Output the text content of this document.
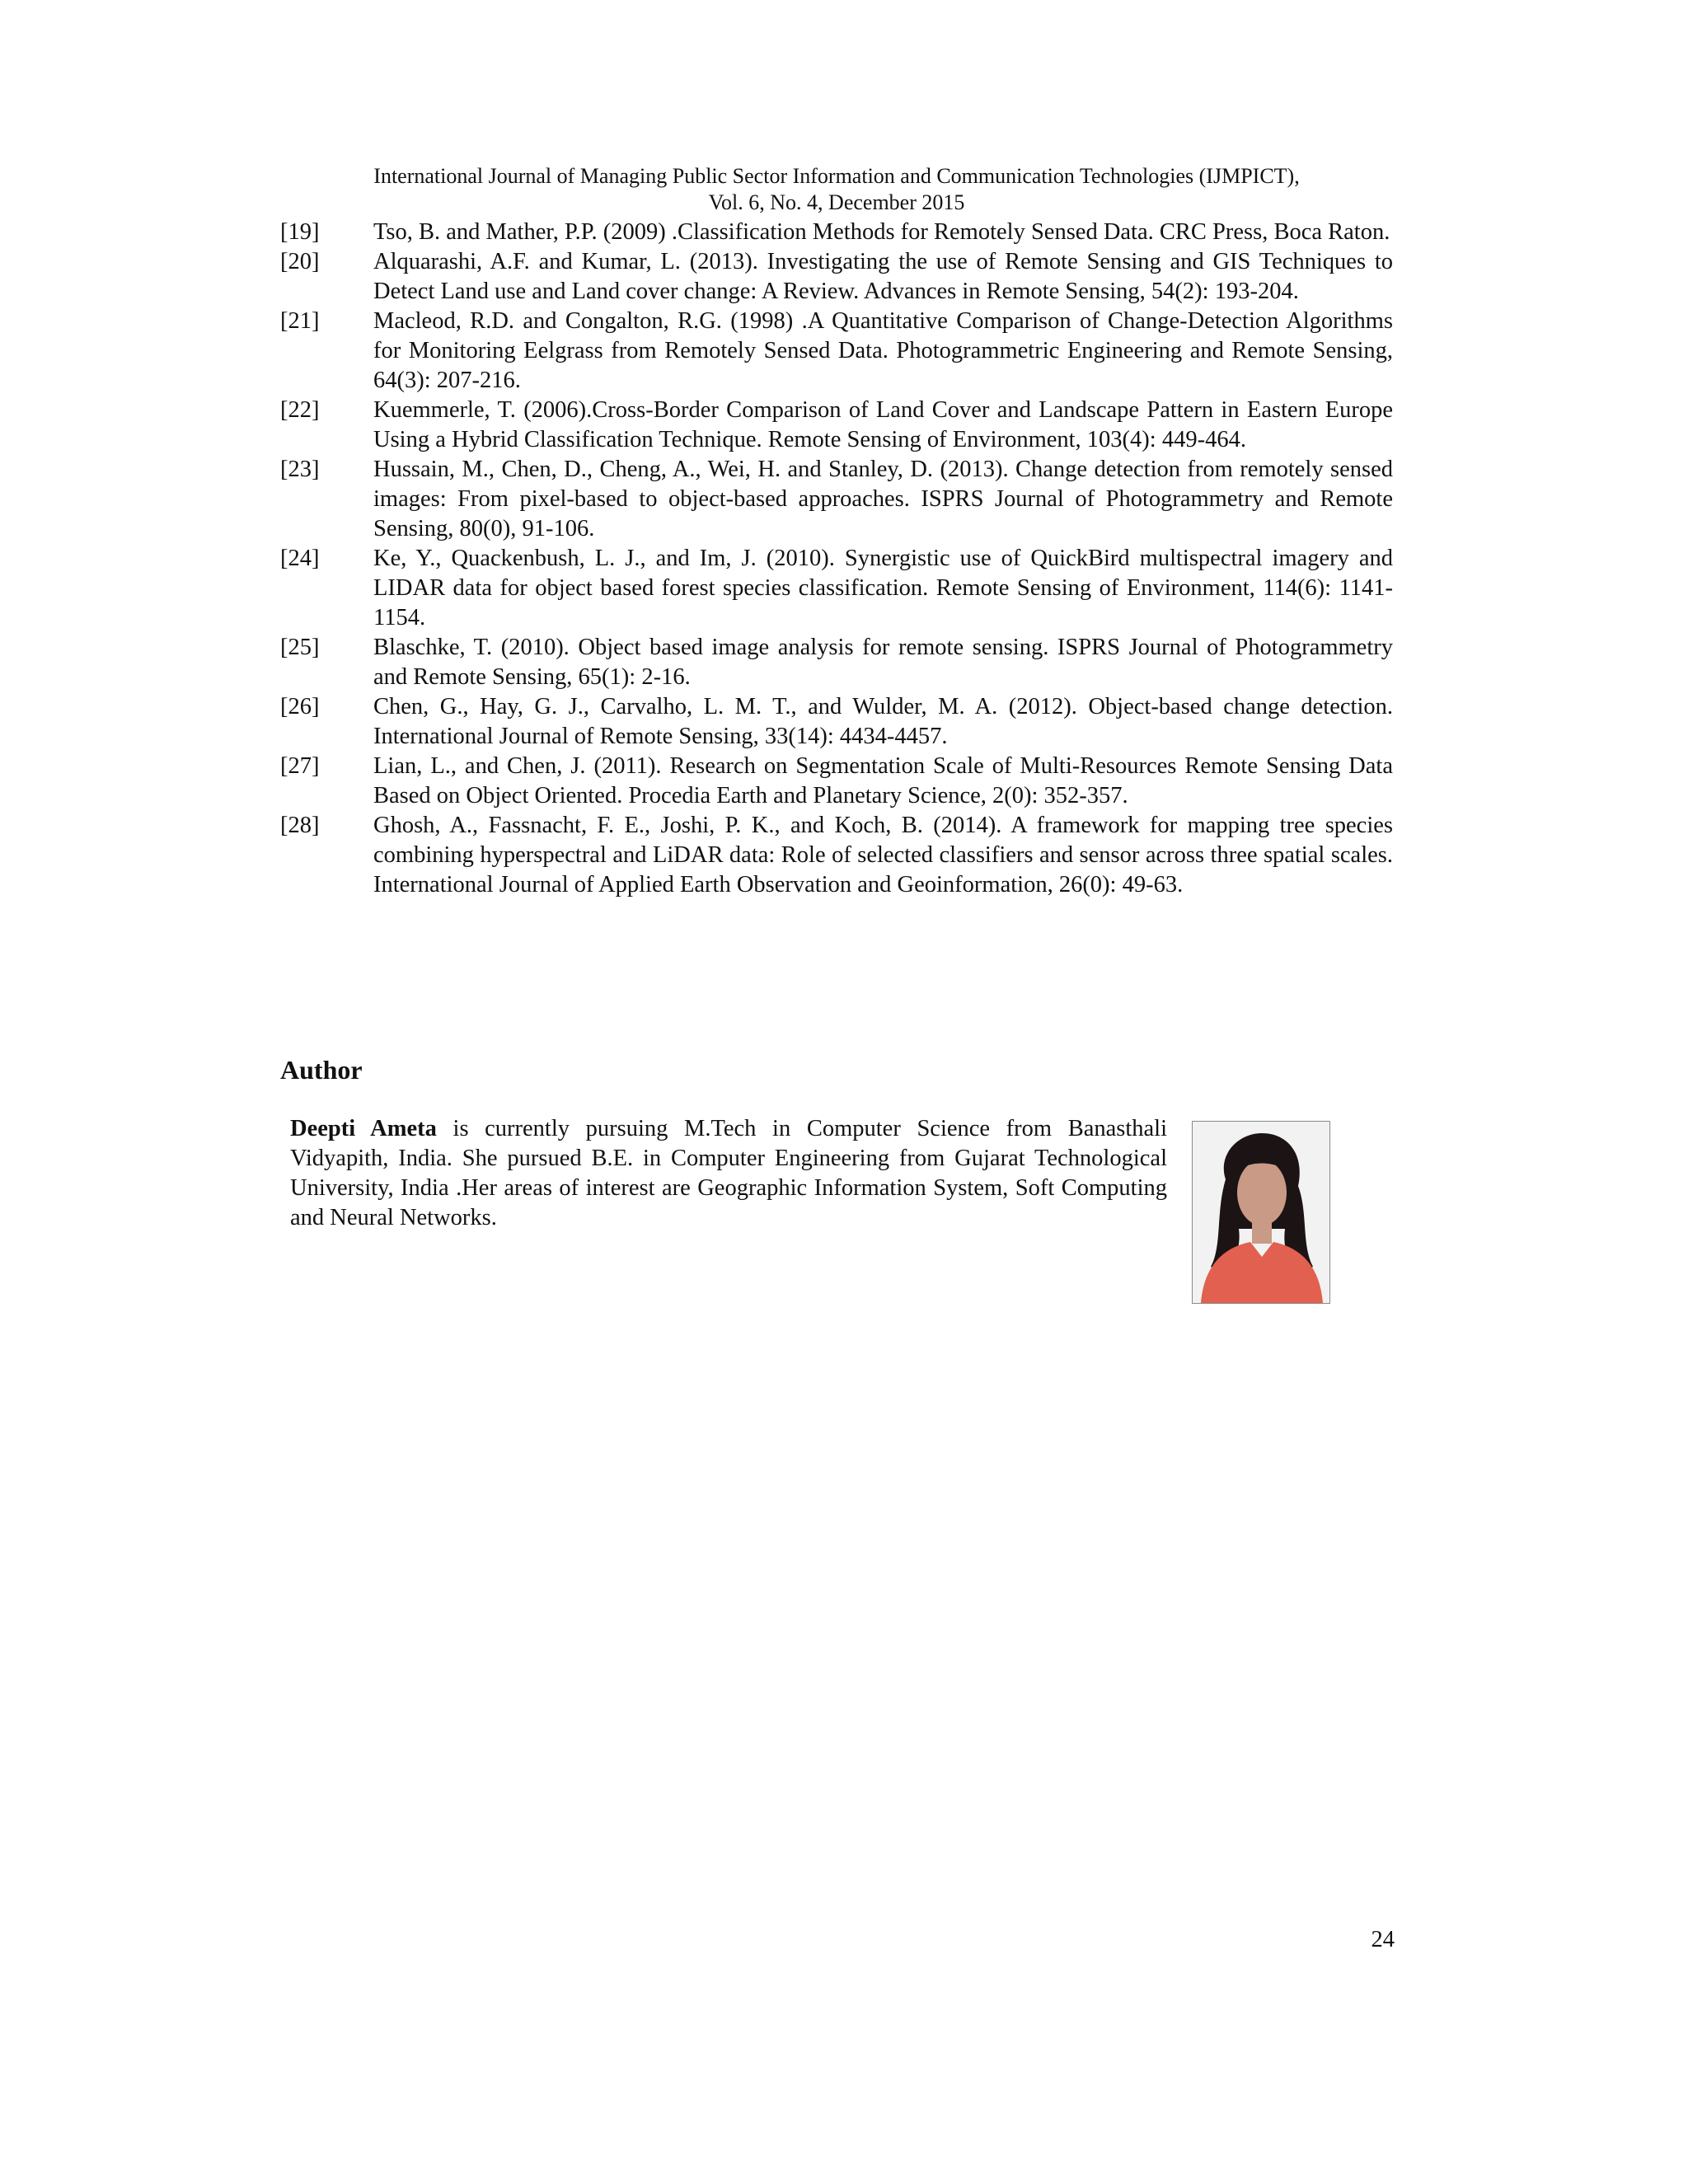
International Journal of Managing Public Sector Information and Communication Technologies (IJMPICT),
Vol. 6, No. 4, December 2015
[19]	Tso, B. and Mather, P.P. (2009) .Classification Methods for Remotely Sensed Data. CRC Press, Boca Raton.
[20]	Alquarashi, A.F. and Kumar, L. (2013). Investigating the use of Remote Sensing and GIS Techniques to Detect Land use and Land cover change: A Review. Advances in Remote Sensing, 54(2): 193-204.
[21]	Macleod, R.D. and Congalton, R.G. (1998) .A Quantitative Comparison of Change-Detection Algorithms for Monitoring Eelgrass from Remotely Sensed Data. Photogrammetric Engineering and Remote Sensing, 64(3): 207-216.
[22]	Kuemmerle, T. (2006).Cross-Border Comparison of Land Cover and Landscape Pattern in Eastern Europe Using a Hybrid Classification Technique. Remote Sensing of Environment, 103(4): 449-464.
[23]	Hussain, M., Chen, D., Cheng, A., Wei, H. and Stanley, D. (2013). Change detection from remotely sensed images: From pixel-based to object-based approaches. ISPRS Journal of Photogrammetry and Remote Sensing, 80(0), 91-106.
[24]	Ke, Y., Quackenbush, L. J., and Im, J. (2010). Synergistic use of QuickBird multispectral imagery and LIDAR data for object based forest species classification. Remote Sensing of Environment, 114(6): 1141-1154.
[25]	Blaschke, T. (2010). Object based image analysis for remote sensing. ISPRS Journal of Photogrammetry and Remote Sensing, 65(1): 2-16.
[26]	Chen, G., Hay, G. J., Carvalho, L. M. T., and Wulder, M. A. (2012). Object-based change detection. International Journal of Remote Sensing, 33(14): 4434-4457.
[27]	Lian, L., and Chen, J. (2011). Research on Segmentation Scale of Multi-Resources Remote Sensing Data Based on Object Oriented. Procedia Earth and Planetary Science, 2(0): 352-357.
[28]	Ghosh, A., Fassnacht, F. E., Joshi, P. K., and Koch, B. (2014). A framework for mapping tree species combining hyperspectral and LiDAR data: Role of selected classifiers and sensor across three spatial scales. International Journal of Applied Earth Observation and Geoinformation, 26(0): 49-63.
Author
Deepti Ameta is currently pursuing M.Tech in Computer Science from Banasthali Vidyapith, India. She pursued B.E. in Computer Engineering from Gujarat Technological University, India .Her areas of interest are Geographic Information System, Soft Computing and Neural Networks.
24
